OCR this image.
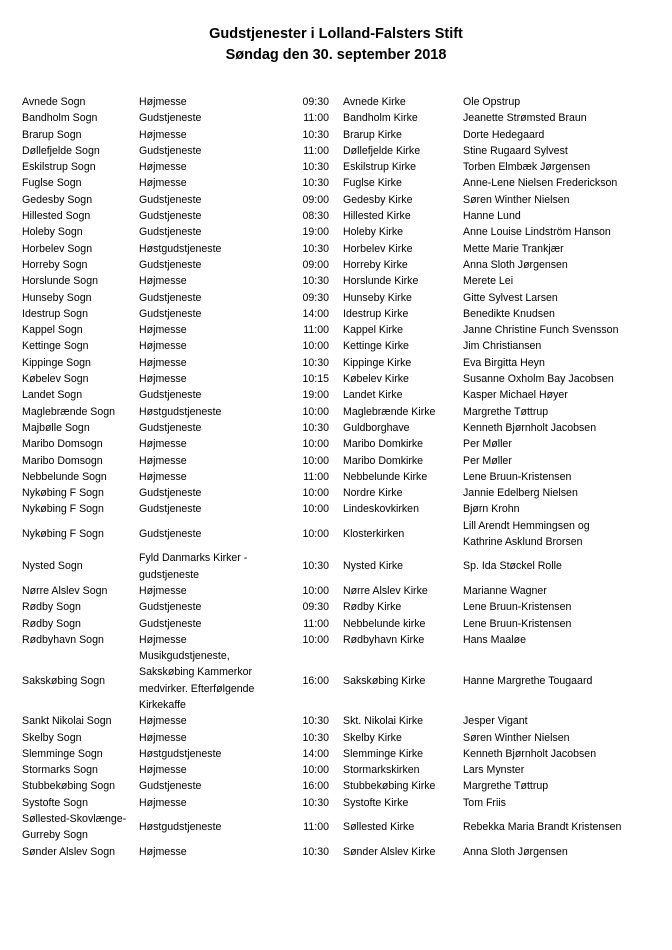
Gudstjenester i Lolland-Falsters Stift
Søndag den 30. september 2018
Avnede Sogn	Højmesse	09:30	Avnede Kirke	Ole Opstrup
Bandholm Sogn	Gudstjeneste	11:00	Bandholm Kirke	Jeanette Strømsted Braun
Brarup Sogn	Højmesse	10:30	Brarup Kirke	Dorte Hedegaard
Døllefjelde Sogn	Gudstjeneste	11:00	Døllefjelde Kirke	Stine Rugaard Sylvest
Eskilstrup Sogn	Højmesse	10:30	Eskilstrup Kirke	Torben Elmbæk Jørgensen
Fuglse Sogn	Højmesse	10:30	Fuglse Kirke	Anne-Lene Nielsen Frederickson
Gedesby Sogn	Gudstjeneste	09:00	Gedesby Kirke	Søren Winther Nielsen
Hillested Sogn	Gudstjeneste	08:30	Hillested Kirke	Hanne Lund
Holeby Sogn	Gudstjeneste	19:00	Holeby Kirke	Anne Louise Lindström Hanson
Horbelev Sogn	Høstgudstjeneste	10:30	Horbelev Kirke	Mette Marie Trankjær
Horreby Sogn	Gudstjeneste	09:00	Horreby Kirke	Anna Sloth Jørgensen
Horslunde Sogn	Højmesse	10:30	Horslunde Kirke	Merete Lei
Hunseby Sogn	Gudstjeneste	09:30	Hunseby Kirke	Gitte Sylvest Larsen
Idestrup Sogn	Gudstjeneste	14:00	Idestrup Kirke	Benedikte Knudsen
Kappel Sogn	Højmesse	11:00	Kappel Kirke	Janne Christine Funch Svensson
Kettinge Sogn	Højmesse	10:00	Kettinge Kirke	Jim Christiansen
Kippinge Sogn	Højmesse	10:30	Kippinge Kirke	Eva Birgitta Heyn
Købelev Sogn	Højmesse	10:15	Købelev Kirke	Susanne Oxholm Bay Jacobsen
Landet Sogn	Gudstjeneste	19:00	Landet Kirke	Kasper Michael Høyer
Maglebrænde Sogn	Høstgudstjeneste	10:00	Maglebrænde Kirke	Margrethe Tøttrup
Majbølle Sogn	Gudstjeneste	10:30	Guldborghave	Kenneth Bjørnholt Jacobsen
Maribo Domsogn	Højmesse	10:00	Maribo Domkirke	Per Møller
Maribo Domsogn	Højmesse	10:00	Maribo Domkirke	Per Møller
Nebbelunde Sogn	Højmesse	11:00	Nebbelunde Kirke	Lene Bruun-Kristensen
Nykøbing F Sogn	Gudstjeneste	10:00	Nordre Kirke	Jannie Edelberg Nielsen
Nykøbing F Sogn	Gudstjeneste	10:00	Lindeskovkirken	Bjørn Krohn
Nykøbing F Sogn	Gudstjeneste	10:00	Klosterkirken	Lill Arendt Hemmingsen og Kathrine Asklund Brorsen

Nysted Sogn	Fyld Danmarks Kirker - gudstjeneste	10:30	Nysted Kirke	Sp. Ida Støckel Rolle
Nørre Alslev Sogn	Højmesse	10:00	Nørre Alslev Kirke	Marianne Wagner
Rødby Sogn	Gudstjeneste	09:30	Rødby Kirke	Lene Bruun-Kristensen
Rødby Sogn	Gudstjeneste	11:00	Nebbelunde kirke	Lene Bruun-Kristensen
Rødbyhavn Sogn	Højmesse	10:00	Rødbyhavn Kirke	Hans Maaløe
Sakskøbing Sogn	Musikgudstjeneste, Sakskøbing Kammerkor medvirker. Efterfølgende Kirkekaffe	16:00	Sakskøbing Kirke	Hanne Margrethe Tougaard
Sankt Nikolai Sogn	Højmesse	10:30	Skt. Nikolai Kirke	Jesper Vigant
Skelby Sogn	Højmesse	10:30	Skelby Kirke	Søren Winther Nielsen
Slemminge Sogn	Høstgudstjeneste	14:00	Slemminge Kirke	Kenneth Bjørnholt Jacobsen
Stormarks Sogn	Højmesse	10:00	Stormarkskirken	Lars Mynster
Stubbekøbing Sogn	Gudstjeneste	16:00	Stubbekøbing Kirke	Margrethe Tøttrup
Systofte Sogn	Højmesse	10:30	Systofte Kirke	Tom Friis

Søllested-Skovlænge-Gurreby Sogn	Høstgudstjeneste	11:00	Søllested Kirke	Rebekka Maria Brandt Kristensen
Sønder Alslev Sogn	Højmesse	10:30	Sønder Alslev Kirke	Anna Sloth Jørgensen
